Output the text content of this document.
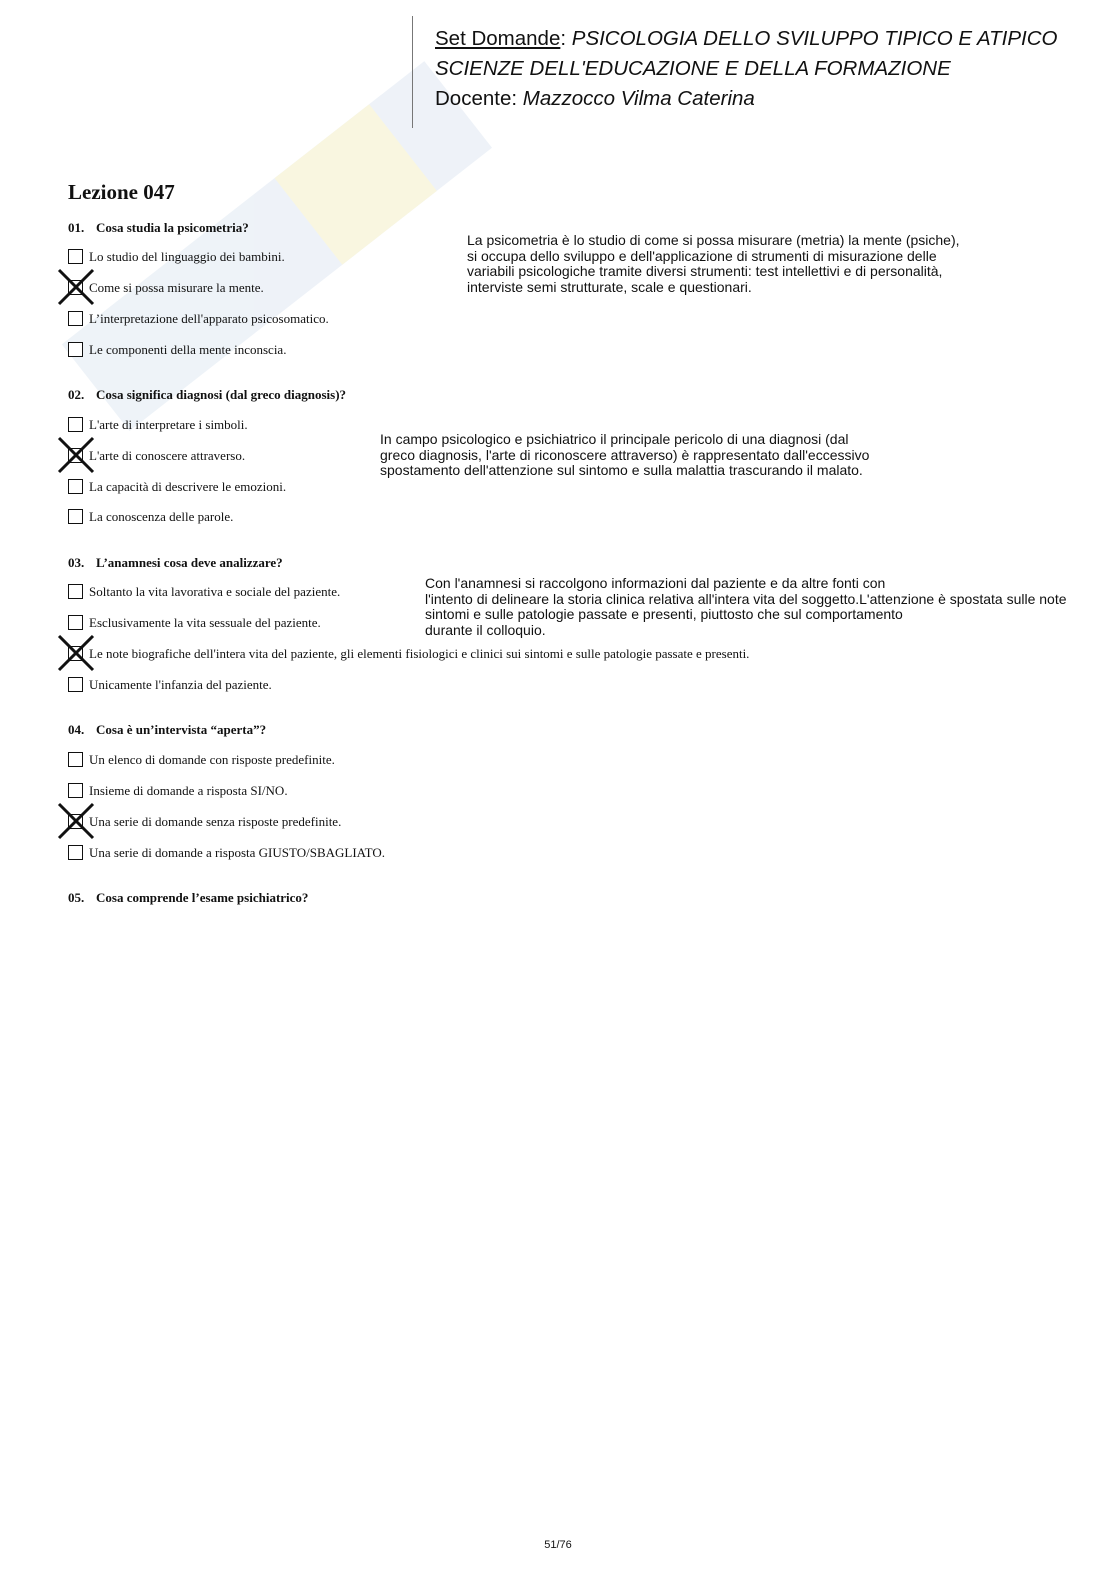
Set Domande: PSICOLOGIA DELLO SVILUPPO TIPICO E ATIPICO
SCIENZE DELL'EDUCAZIONE E DELLA FORMAZIONE
Docente: Mazzocco Vilma Caterina
Lezione 047
01. Cosa studia la psicometria?
Lo studio del linguaggio dei bambini.
Come si possa misurare la mente.
L’interpretazione dell'apparato psicosomatico.
Le componenti della mente inconscia.
La psicometria è lo studio di come si possa misurare (metria) la mente (psiche),
si occupa dello sviluppo e dell'applicazione di strumenti di misurazione delle
variabili psicologiche tramite diversi strumenti: test intellettivi e di personalità,
interviste semi strutturate, scale e questionari.
02. Cosa significa diagnosi (dal greco diagnosis)?
L'arte di interpretare i simboli.
L'arte di conoscere attraverso.
La capacità di descrivere le emozioni.
La conoscenza delle parole.
In campo psicologico e psichiatrico il principale pericolo di una diagnosi (dal
greco diagnosis, l'arte di riconoscere attraverso) è rappresentato dall'eccessivo
spostamento dell'attenzione sul sintomo e sulla malattia trascurando il malato.
03. L’anamnesi cosa deve analizzare?
Soltanto la vita lavorativa e sociale del paziente.
Esclusivamente la vita sessuale del paziente.
Le note biografiche dell'intera vita del paziente, gli elementi fisiologici e clinici sui sintomi e sulle patologie passate e presenti.
Unicamente l'infanzia del paziente.
Con l'anamnesi si raccolgono informazioni dal paziente e da altre fonti con
l'intento di delineare la storia clinica relativa all'intera vita del soggetto.L'attenzione è spostata sulle note
sintomi e sulle patologie passate e presenti, piuttosto che sul comportamento
durante il colloquio.
04. Cosa è un’intervista “aperta”?
Un elenco di domande con risposte predefinite.
Insieme di domande a risposta SI/NO.
Una serie di domande senza risposte predefinite.
Una serie di domande a risposta GIUSTO/SBAGLIATO.
05. Cosa comprende l’esame psichiatrico?
51/76
